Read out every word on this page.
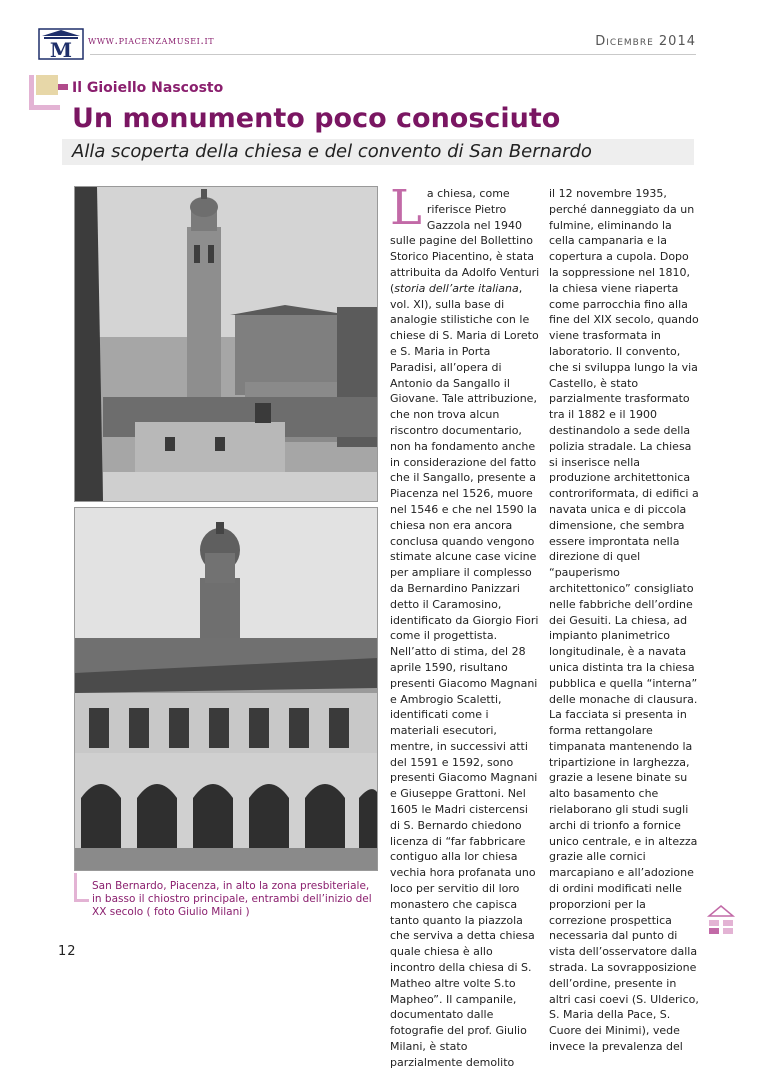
M www.piacenzamusei.it	Dicembre 2014
Il Gioiello Nascosto
Un monumento poco conosciuto
Alla scoperta della chiesa e del convento di San Bernardo
San Bernardo, Piacenza, in alto la zona presbiteriale, in basso il chiostro principale, entrambi dell’inizio del XX secolo ( foto Giulio Milani )
12

La chiesa, come riferisce Pietro Gazzola nel 1940 sulle pagine del Bollettino Storico Piacentino, è stata attribuita da Adolfo Venturi (storia dell’arte italiana, vol. XI), sulla base di analogie stilistiche con le chiese di S. Maria di Loreto e S. Maria in Porta Paradisi, all’opera di Antonio da Sangallo il Giovane. Tale attribuzione, che non trova alcun riscontro documentario, non ha fondamento anche in considerazione del fatto che il Sangallo, presente a Piacenza nel 1526, muore nel 1546 e che nel 1590 la chiesa non era ancora conclusa quando vengono stimate alcune case vicine per ampliare il complesso da Bernardino Panizzari detto il Caramosino, identificato da Giorgio Fiori come il progettista. Nell’atto di stima, del 28 aprile 1590, risultano presenti Giacomo Magnani e Ambrogio Scaletti, identificati come i materiali esecutori, mentre, in successivi atti del 1591 e 1592, sono presenti Giacomo Magnani e Giuseppe Grattoni. Nel 1605 le Madri cistercensi di S. Bernardo chiedono licenza di “far fabbricare contiguo alla lor chiesa vechia hora profanata uno loco per servitio dil loro monastero che capisca tanto quanto la piazzola che serviva a detta chiesa quale chiesa è allo incontro della chiesa di S. Matheo altre volte S.to Mapheo”. Il campanile, documentato dalle fotografie del prof. Giulio Milani, è stato parzialmente demolito

il 12 novembre 1935, perché danneggiato da un fulmine, eliminando la cella campanaria e la copertura a cupola. Dopo la soppressione nel 1810, la chiesa viene riaperta come parrocchia fino alla fine del XIX secolo, quando viene trasformata in laboratorio. Il convento, che si sviluppa lungo la via Castello, è stato parzialmente trasformato tra il 1882 e il 1900 destinandolo a sede della polizia stradale. La chiesa si inserisce nella produzione architettonica controriformata, di edifici a navata unica e di piccola dimensione, che sembra essere improntata nella direzione di quel “pauperismo architettonico” consigliato nelle fabbriche dell’ordine dei Gesuiti. La chiesa, ad impianto planimetrico longitudinale, è a navata unica distinta tra la chiesa pubblica e quella “interna” delle monache di clausura. La facciata si presenta in forma rettangolare timpanata mantenendo la tripartizione in larghezza, grazie a lesene binate su alto basamento che rielaborano gli studi sugli archi di trionfo a fornice unico centrale, e in altezza grazie alle cornici marcapiano e all’adozione di ordini modificati nelle proporzioni per la correzione prospettica necessaria dal punto di vista dell’osservatore dalla strada. La sovrapposizione dell’ordine, presente in altri casi coevi (S. Ulderico, S. Maria della Pace, S. Cuore dei Minimi), vede invece la prevalenza del
